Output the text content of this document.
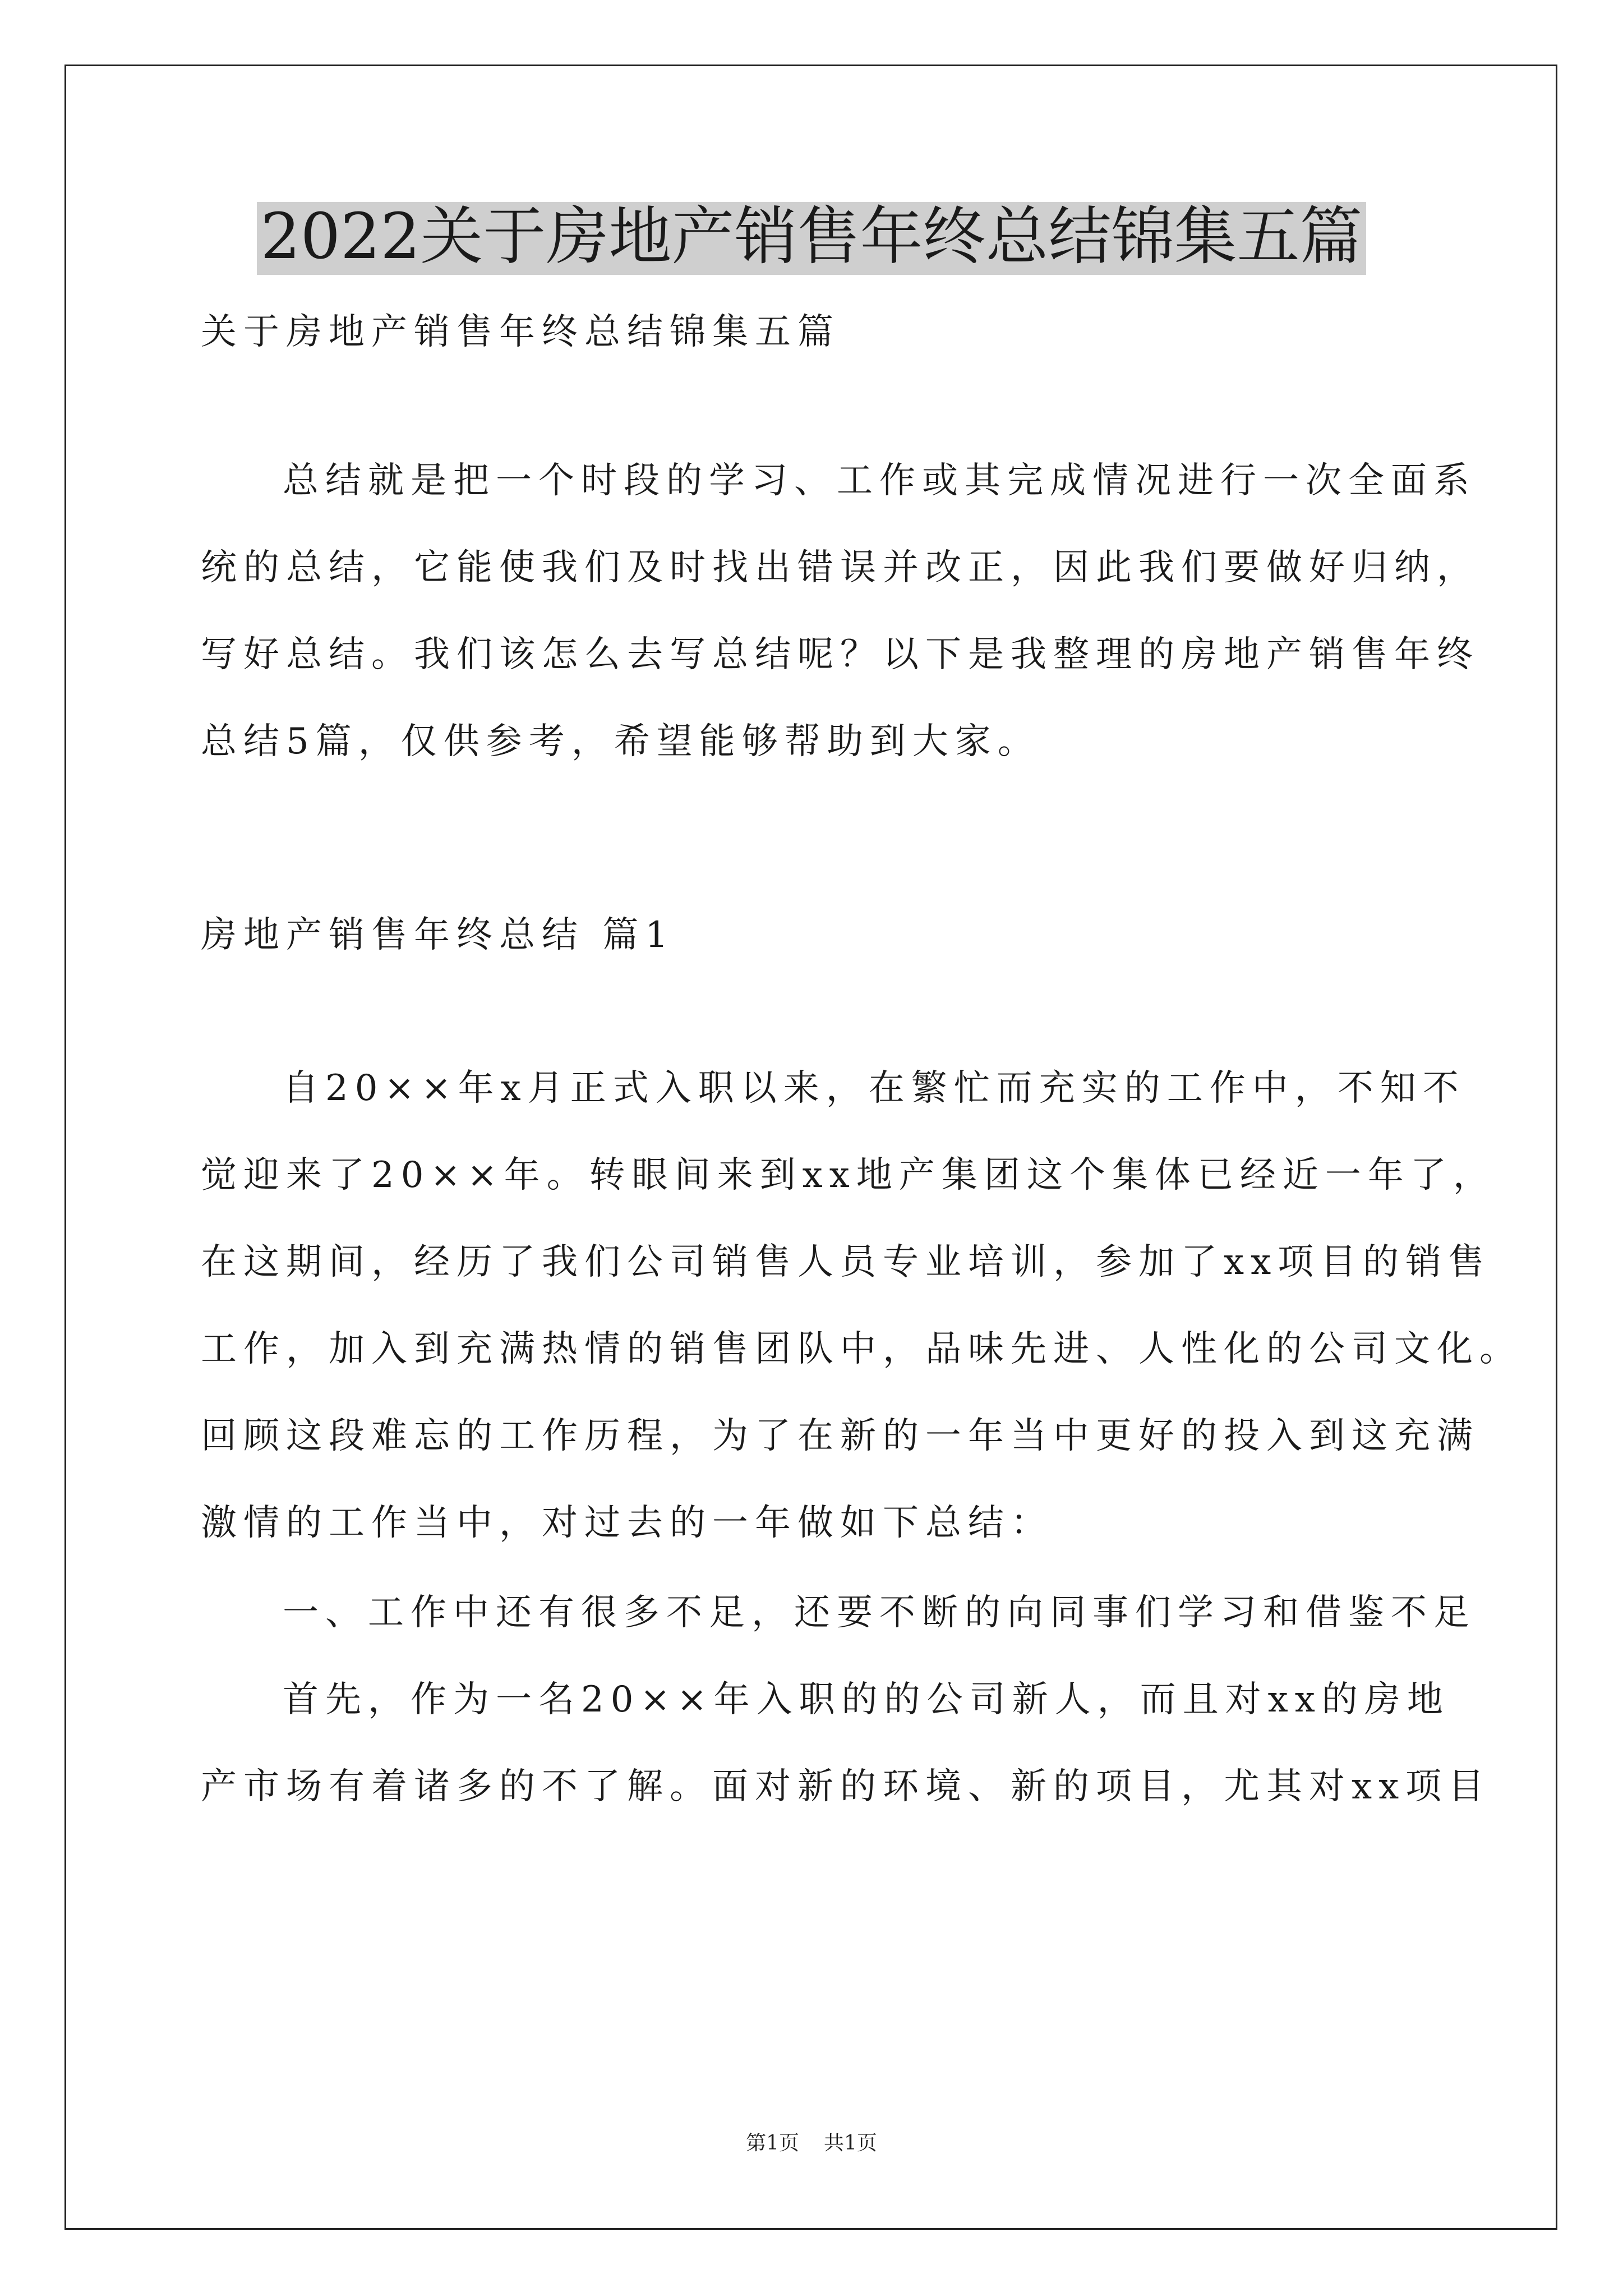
2022关于房地产销售年终总结锦集五篇
关于房地产销售年终总结锦集五篇
总结就是把一个时段的学习、工作或其完成情况进行一次全面系
统的总结，它能使我们及时找出错误并改正，因此我们要做好归纳，
写好总结。我们该怎么去写总结呢？以下是我整理的房地产销售年终
总结5篇，仅供参考，希望能够帮助到大家。
房地产销售年终总结 篇1
自20××年x月正式入职以来，在繁忙而充实的工作中，不知不
觉迎来了20××年。转眼间来到xx地产集团这个集体已经近一年了，
在这期间，经历了我们公司销售人员专业培训，参加了xx项目的销售
工作，加入到充满热情的销售团队中，品味先进、人性化的公司文化。
回顾这段难忘的工作历程，为了在新的一年当中更好的投入到这充满
激情的工作当中，对过去的一年做如下总结：
一、工作中还有很多不足，还要不断的向同事们学习和借鉴不足
首先，作为一名20××年入职的的公司新人，而且对xx的房地
产市场有着诸多的不了解。面对新的环境、新的项目，尤其对xx项目
第1页 共1页
